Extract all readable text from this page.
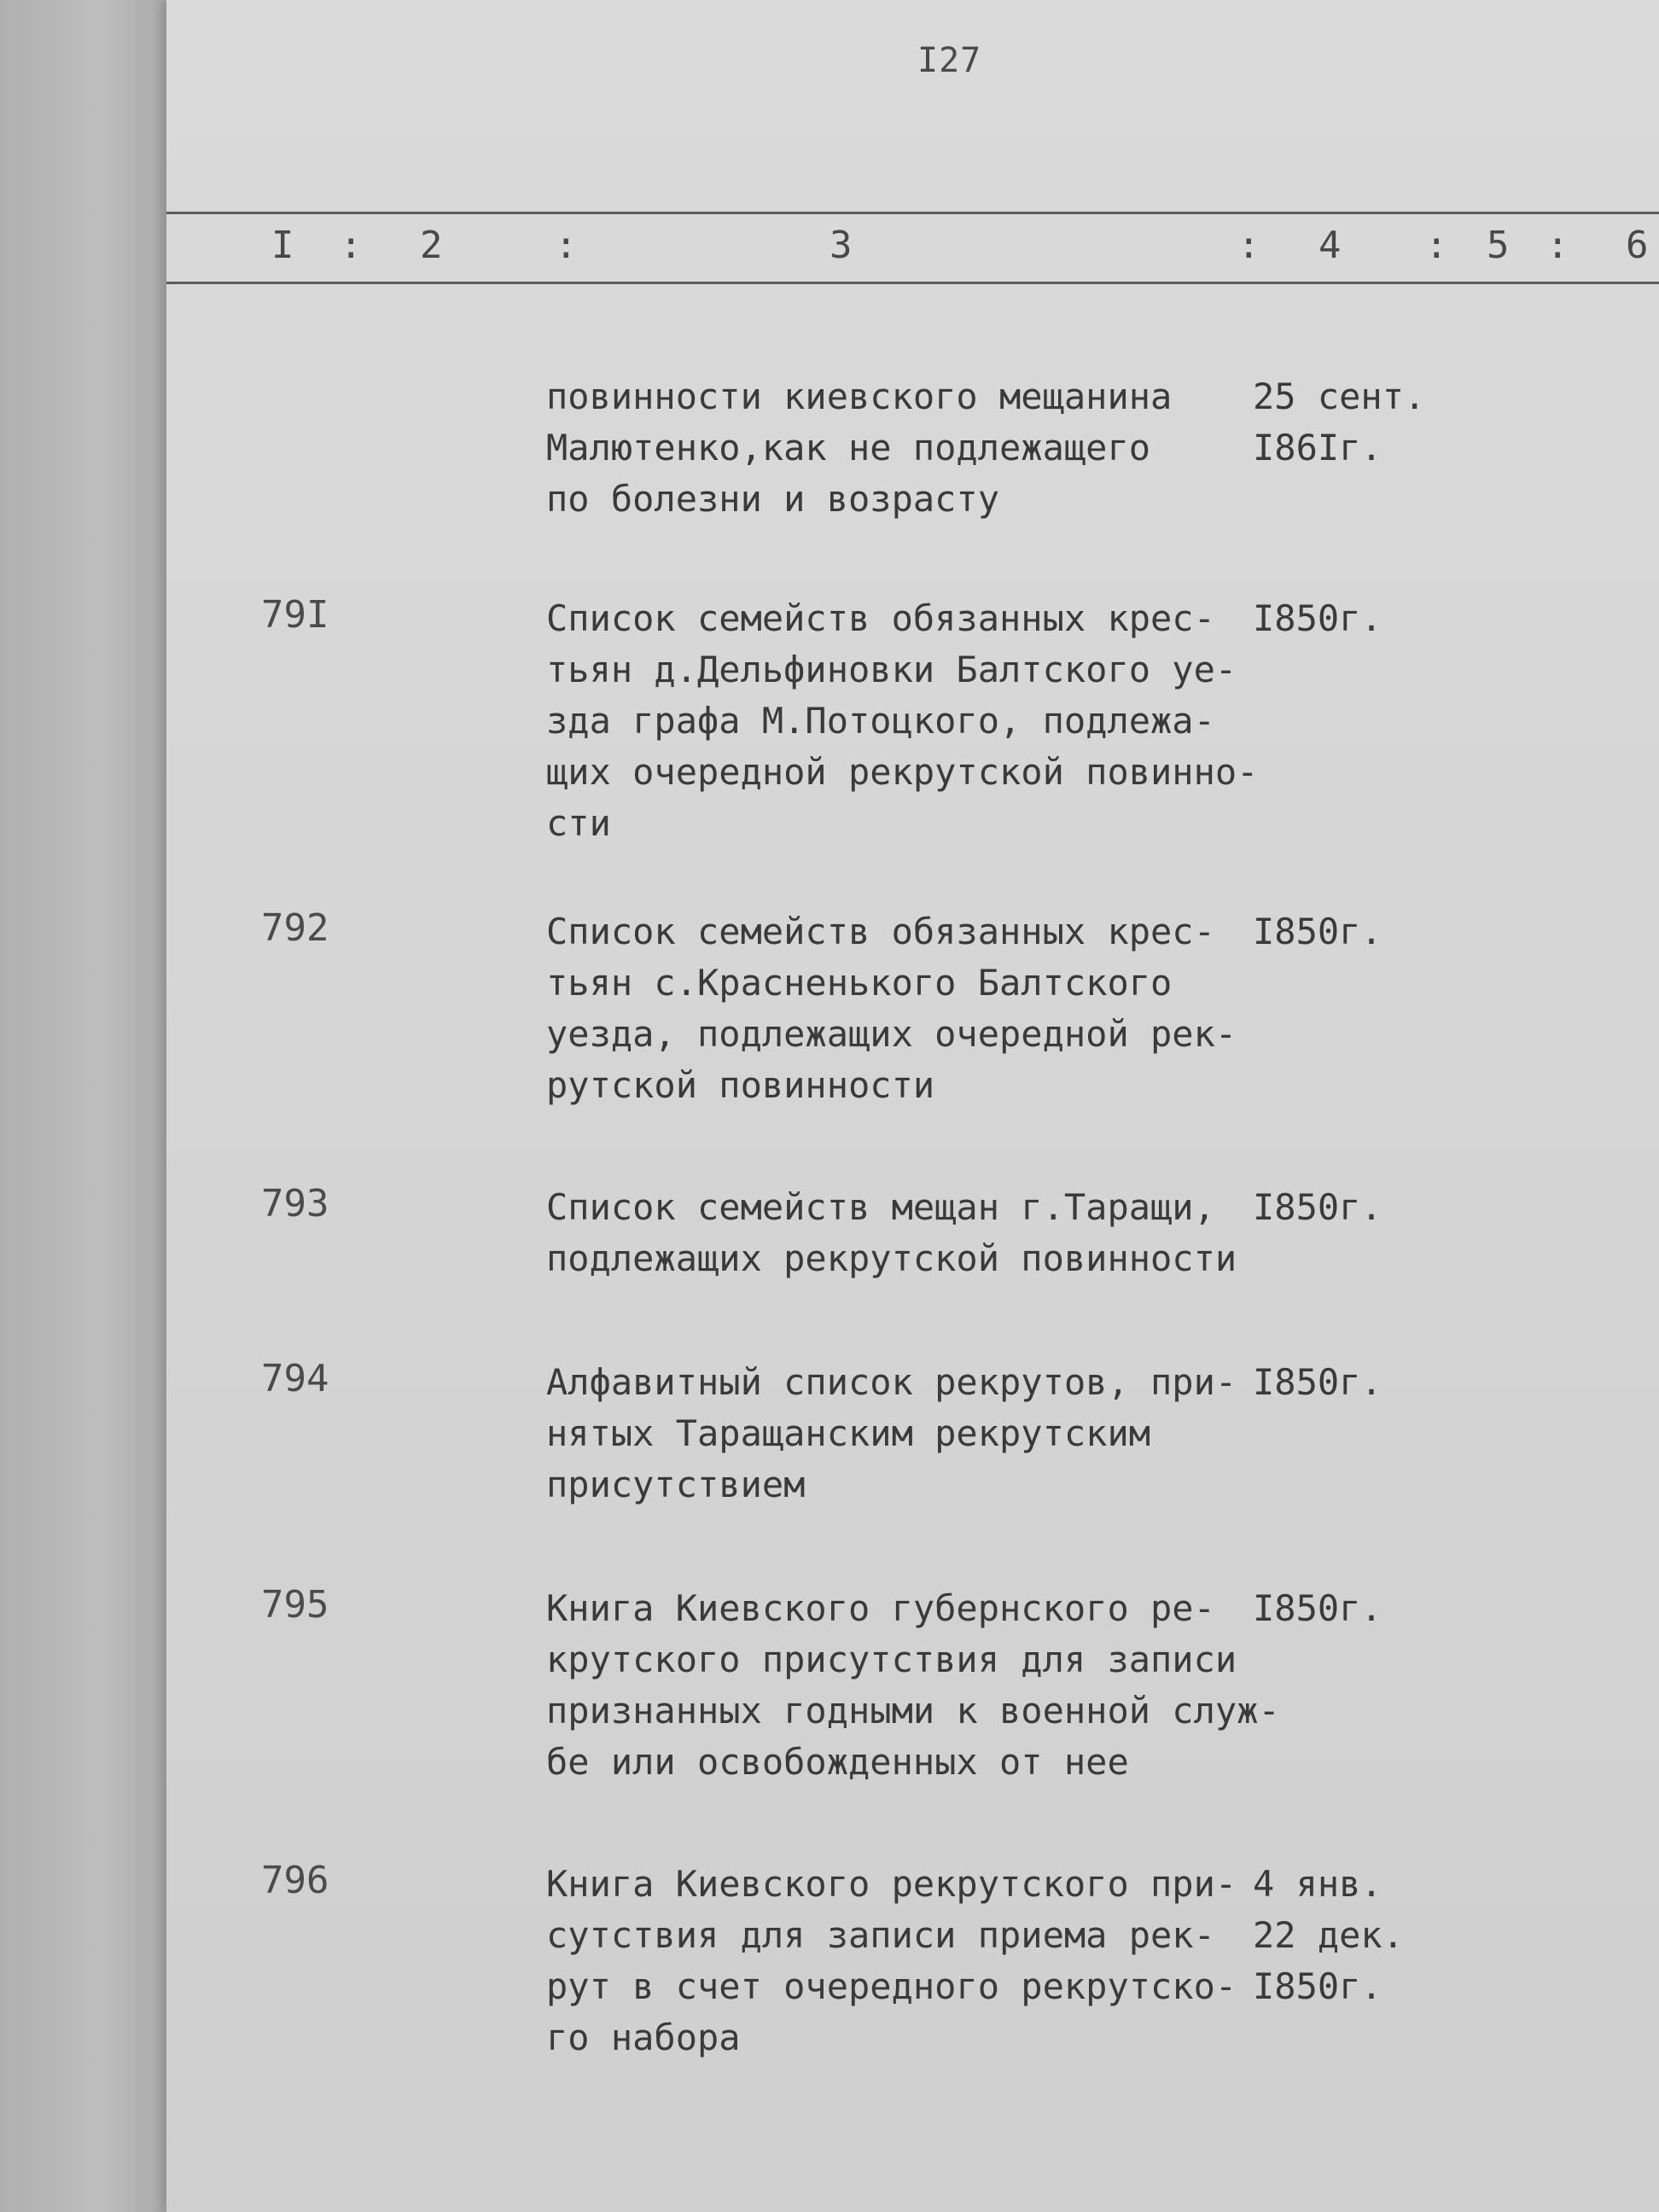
I27
I : 2	:	3	: 4 : 5 : 6
повинности киевского мещанина
Малютенко,как не подлежащего
по болезни и возрасту
25 сент.
I86Iг.
79I	Список семейств обязанных крес-
тьян д.Дельфиновки Балтского уе-
зда графа М.Потоцкого, подлежа-
щих очередной рекрутской повинно-
сти
I850г.
792	Список семейств обязанных крес-
тьян с.Красненького Балтского
уезда, подлежащих очередной рек-
рутской повинности
I850г.
793	Список семейств мещан г.Таращи,
подлежащих рекрутской повинности
I850г.
794	Алфавитный список рекрутов, при-
нятых Таращанским рекрутским
присутствием
I850г.
795	Книга Киевского губернского ре-
крутского присутствия для записи
признанных годными к военной служ-
бе или освобожденных от нее
I850г.
796	Книга Киевского рекрутского при-
сутствия для записи приема рек-
рут в счет очередного рекрутско-
го набора
4 янв.
22 дек.
I850г.
